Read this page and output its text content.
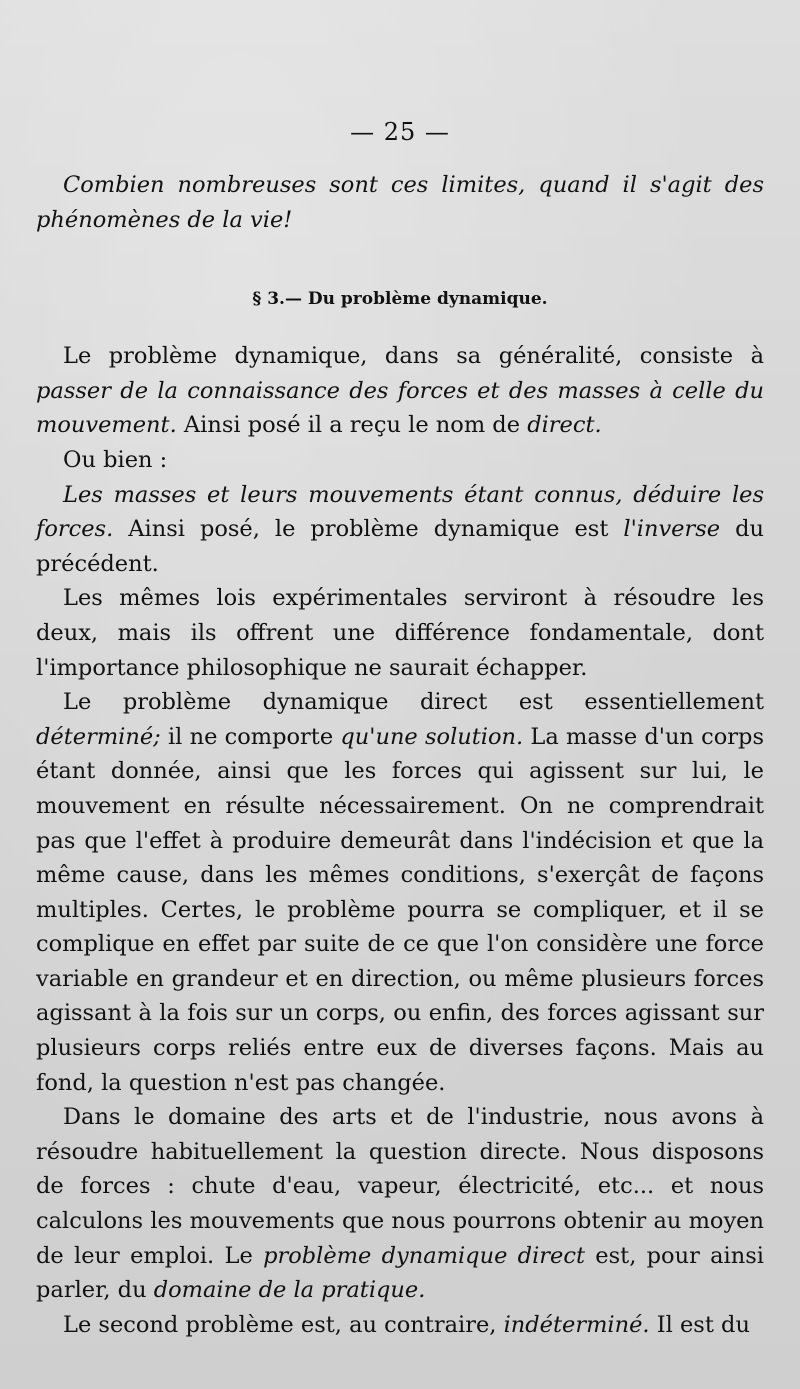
— 25 —

Combien nombreuses sont ces limites, quand il s'agit des phénomènes de la vie!

§ 3.— Du problème dynamique.

Le problème dynamique, dans sa généralité, consiste à passer de la connaissance des forces et des masses à celle du mouvement. Ainsi posé il a reçu le nom de direct.

Ou bien :

Les masses et leurs mouvements étant connus, déduire les forces. Ainsi posé, le problème dynamique est l'inverse du précédent.

Les mêmes lois expérimentales serviront à résoudre les deux, mais ils offrent une différence fondamentale, dont l'importance philosophique ne saurait échapper.

Le problème dynamique direct est essentiellement déterminé; il ne comporte qu'une solution. La masse d'un corps étant donnée, ainsi que les forces qui agissent sur lui, le mouvement en résulte nécessairement. On ne comprendrait pas que l'effet à produire demeurât dans l'indécision et que la même cause, dans les mêmes conditions, s'exerçât de façons multiples. Certes, le problème pourra se compliquer, et il se complique en effet par suite de ce que l'on considère une force variable en grandeur et en direction, ou même plusieurs forces agissant à la fois sur un corps, ou enfin, des forces agissant sur plusieurs corps reliés entre eux de diverses façons. Mais au fond, la question n'est pas changée.

Dans le domaine des arts et de l'industrie, nous avons à résoudre habituellement la question directe. Nous disposons de forces : chute d'eau, vapeur, électricité, etc... et nous calculons les mouvements que nous pourrons obtenir au moyen de leur emploi. Le problème dynamique direct est, pour ainsi parler, du domaine de la pratique.

Le second problème est, au contraire, indéterminé. Il est du
